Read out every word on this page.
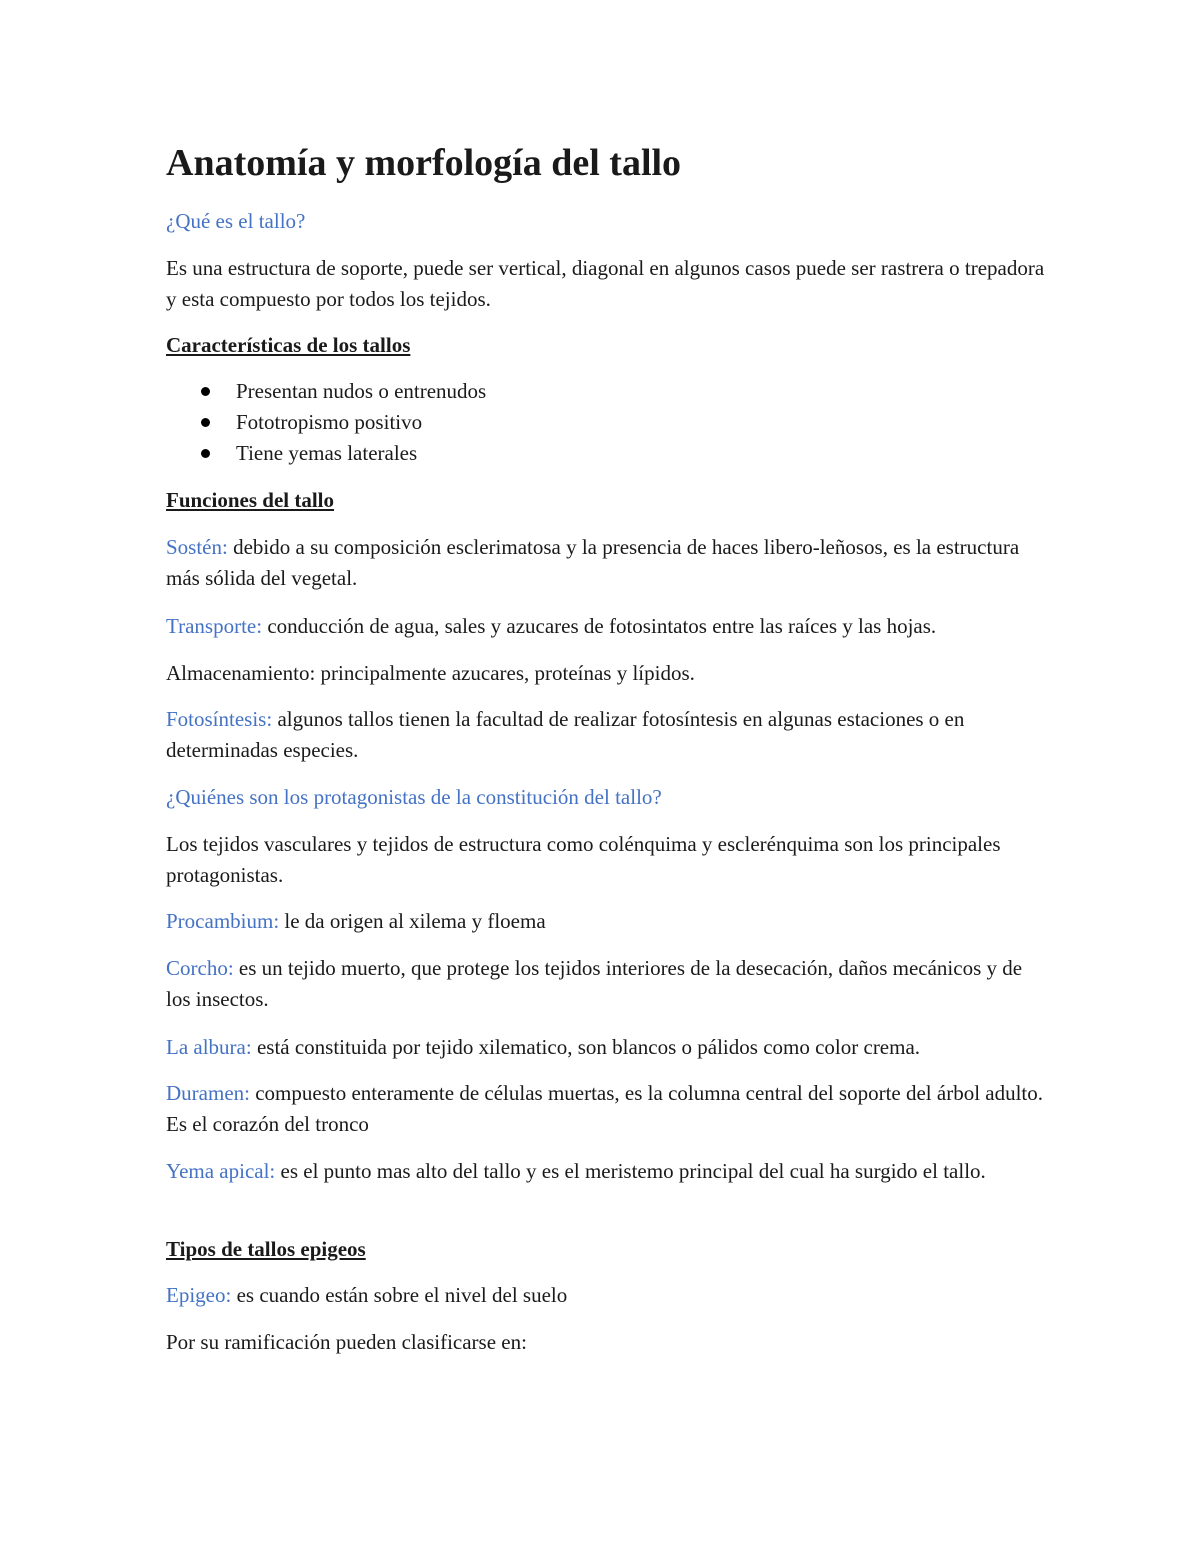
Anatomía y morfología del tallo

¿Qué es el tallo?

Es una estructura de soporte, puede ser vertical, diagonal en algunos casos puede ser rastrera o trepadora y esta compuesto por todos los tejidos.

Características de los tallos

Presentan nudos o entrenudos
Fototropismo positivo
Tiene yemas laterales

Funciones del tallo

Sostén: debido a su composición esclerimatosa y la presencia de haces libero-leñosos, es la estructura más sólida del vegetal.

Transporte: conducción de agua, sales y azucares de fotosintatos entre las raíces y las hojas.

Almacenamiento: principalmente azucares, proteínas y lípidos.

Fotosíntesis: algunos tallos tienen la facultad de realizar fotosíntesis en algunas estaciones o en determinadas especies.

¿Quiénes son los protagonistas de la constitución del tallo?

Los tejidos vasculares y tejidos de estructura como colénquima y esclerénquima son los principales protagonistas.

Procambium: le da origen al xilema y floema

Corcho: es un tejido muerto, que protege los tejidos interiores de la desecación, daños mecánicos y de los insectos.

La albura: está constituida por tejido xilematico, son blancos o pálidos como color crema.

Duramen: compuesto enteramente de células muertas, es la columna central del soporte del árbol adulto. Es el corazón del tronco

Yema apical: es el punto mas alto del tallo y es el meristemo principal del cual ha surgido el tallo.

Tipos de tallos epigeos

Epigeo: es cuando están sobre el nivel del suelo

Por su ramificación pueden clasificarse en:
